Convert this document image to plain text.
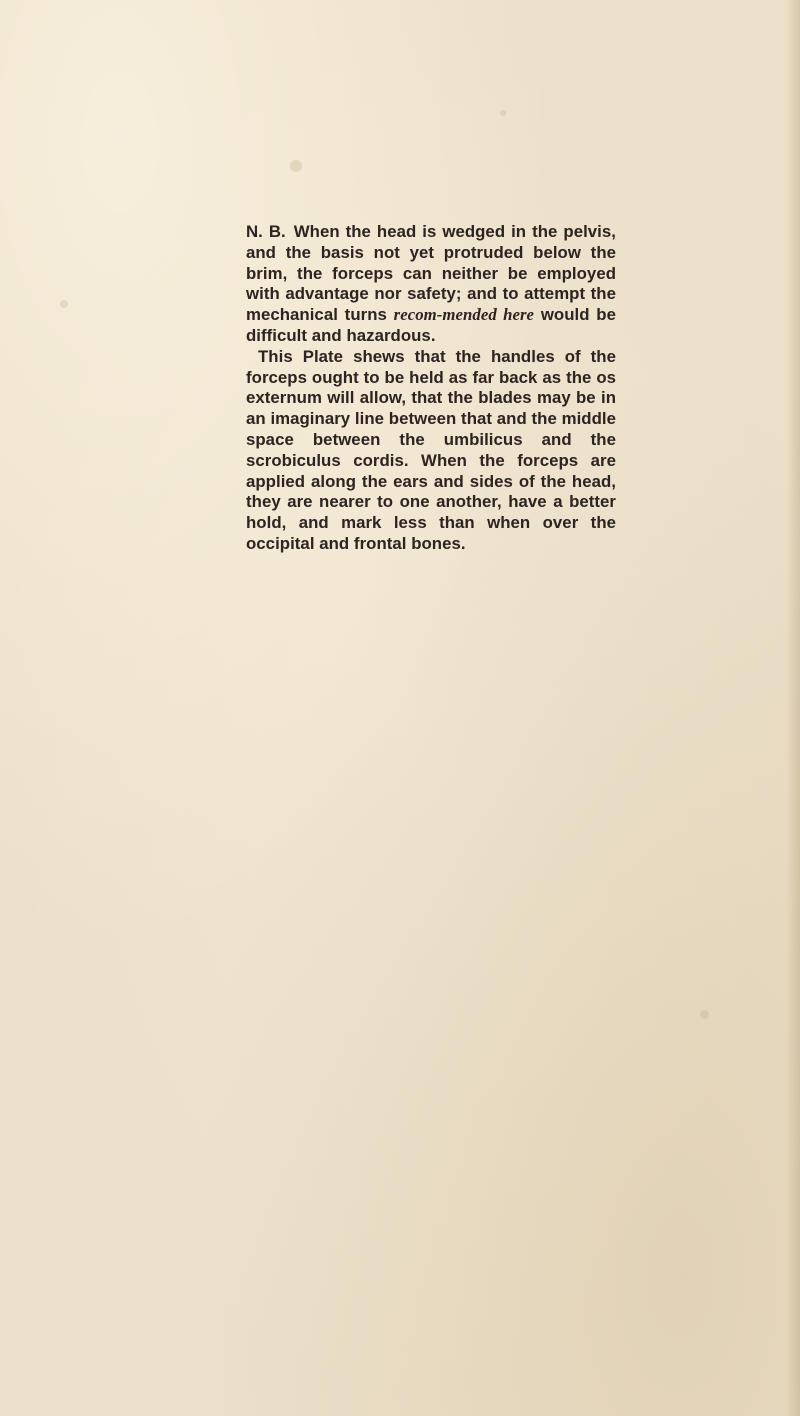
N. B. When the head is wedged in the pelvis, and the basis not yet protruded below the brim, the forceps can neither be employed with advantage nor safety; and to attempt the mechanical turns recom-mended here would be difficult and hazardous.

This Plate shews that the handles of the forceps ought to be held as far back as the os externum will allow, that the blades may be in an imaginary line between that and the middle space between the umbilicus and the scrobiculus cordis. When the forceps are applied along the ears and sides of the head, they are nearer to one another, have a better hold, and mark less than when over the occipital and frontal bones.
